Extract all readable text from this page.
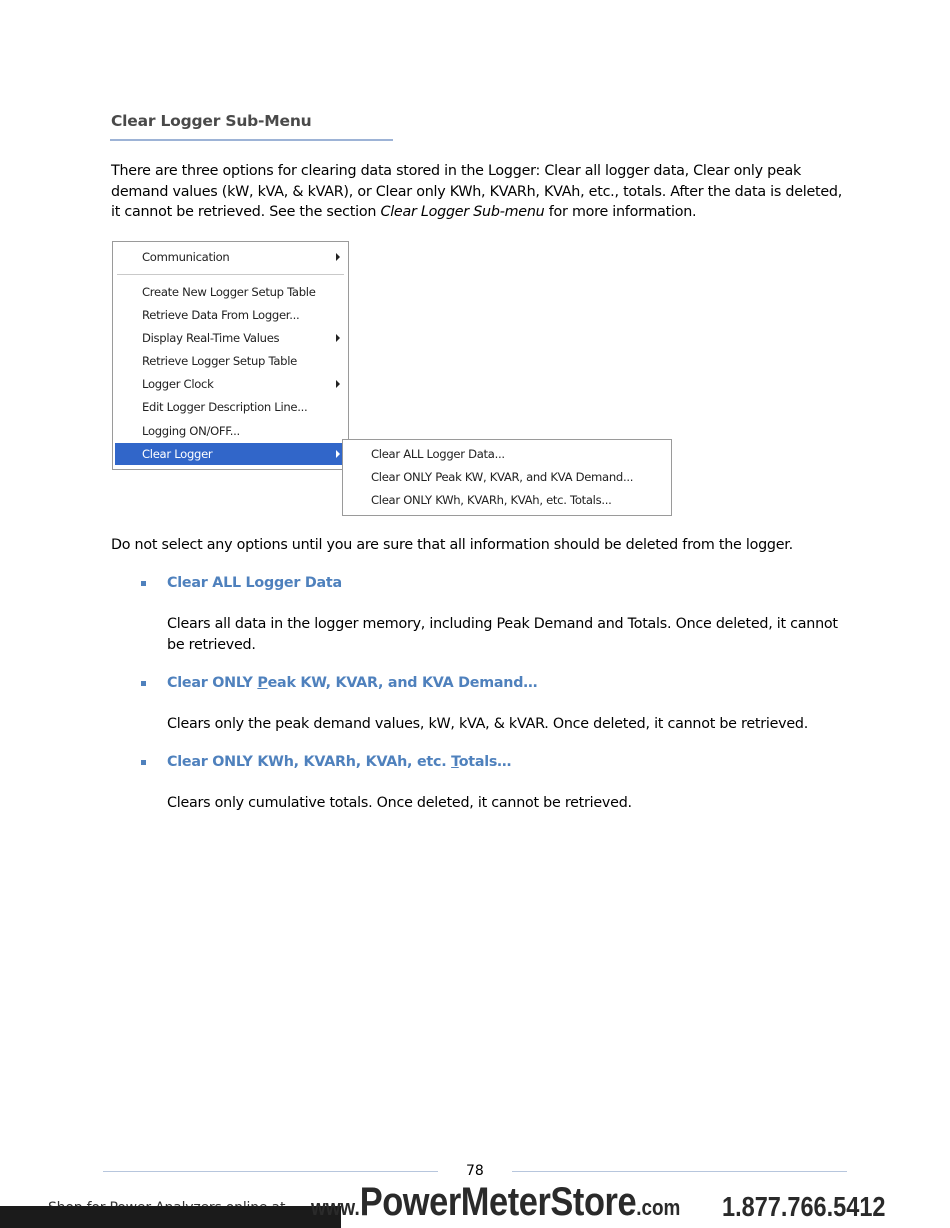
Clear Logger Sub-Menu
There are three options for clearing data stored in the Logger: Clear all logger data, Clear only peak demand values (kW, kVA, & kVAR), or Clear only KWh, KVARh, KVAh, etc., totals. After the data is deleted, it cannot be retrieved. See the section Clear Logger Sub-menu for more information.
Communication
Create New Logger Setup Table
Retrieve Data From Logger...
Display Real-Time Values
Retrieve Logger Setup Table
Logger Clock
Edit Logger Description Line...
Logging ON/OFF...
Clear Logger	Clear ALL Logger Data...
Clear ONLY Peak KW, KVAR, and KVA Demand...
Clear ONLY KWh, KVARh, KVAh, etc. Totals...
Do not select any options until you are sure that all information should be deleted from the logger.
Clear ALL Logger Data
Clears all data in the logger memory, including Peak Demand and Totals. Once deleted, it cannot be retrieved.
Clear ONLY Peak KW, KVAR, and KVA Demand…
Clears only the peak demand values, kW, kVA, & kVAR. Once deleted, it cannot be retrieved.
Clear ONLY KWh, KVARh, KVAh, etc. Totals…
Clears only cumulative totals. Once deleted, it cannot be retrieved.
78
www.PowerMeterStore.com 1.877.766.5412
